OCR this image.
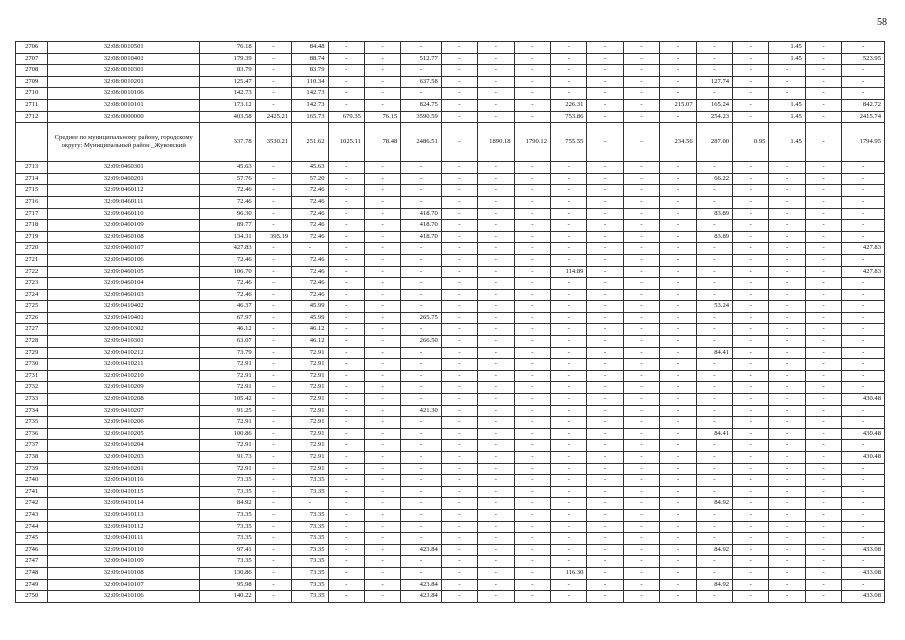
58
2706	32:08:0010501	76.18	-	84.48	-	-	-	-	-	-	-	-	-	-	-	-	1.45	-	-
2707	32:08:0010401	179.39	-	88.74	-	-	512.77	-	-	-	-	-	-	-	-	-	1.45	-	523.95
2708	32:08:0010301	83.79	-	83.79	-	-	-	-	-	-	-	-	-	-	-	-	-	-	-
2709	32:08:0010201	125.47	-	110.34	-	-	637.58	-	-	-	-	-	-	-	127.74	-	-	-	-
2710	32:08:0010106	142.73	-	142.73	-	-	-	-	-	-	-	-	-	-	-	-	-	-	-
2711	32:08:0010101	173.12	-	142.73	-	-	824.75	-	-	-	226.31	-	-	215.07	165.24	-	1.45	-	842.72
2712	32:08:0000000	403.58	2425.21	165.73	679.35	76.15	3590.59	-	-	-	753.86	-	-	-	254.23	-	1.45	-	2415.74
	Среднее по муниципальному району, городскому округу: Муниципальный район _Жуковский	337.78	3530.21	251.62	1025.11	78.48	2486.51	-	1890.18	1790.12	755.55	-	-	234.56	287.00	0.95	1.45	-	1794.95
2713	32:09:0460301	45.63	-	45.63	-	-	-	-	-	-	-	-	-	-	-	-	-	-	-
2714	32:09:0460201	57.76	-	57.20	-	-	-	-	-	-	-	-	-	-	66.22	-	-	-	-
2715	32:09:0460112	72.46	-	72.46	-	-	-	-	-	-	-	-	-	-	-	-	-	-	-
2716	32:09:0460111	72.46	-	72.46	-	-	-	-	-	-	-	-	-	-	-	-	-	-	-
2717	32:09:0460110	96.30	-	72.46	-	-	418.70	-	-	-	-	-	-	-	83.89	-	-	-	-
2718	32:09:0460109	89.77	-	72.46	-	-	418.70	-	-	-	-	-	-	-	-	-	-	-	-
2719	32:09:0460108	134.31	395.19	72.46	-	-	418.70	-	-	-	-	-	-	-	83.89	-	-	-	-
2720	32:09:0460107	427.83	-	-	-	-	-	-	-	-	-	-	-	-	-	-	-	-	427.83
2721	32:09:0460106	72.46	-	72.46	-	-	-	-	-	-	-	-	-	-	-	-	-	-	-
2722	32:09:0460105	106.70	-	72.46	-	-	-	-	-	-	114.89	-	-	-	-	-	-	-	427.83
2723	32:09:0460104	72.46	-	72.46	-	-	-	-	-	-	-	-	-	-	-	-	-	-	-
2724	32:09:0460103	72.46	-	72.46	-	-	-	-	-	-	-	-	-	-	-	-	-	-	-
2725	32:09:0410402	46.37	-	45.99	-	-	-	-	-	-	-	-	-	-	53.24	-	-	-	-
2726	32:09:0410401	67.97	-	45.99	-	-	265.75	-	-	-	-	-	-	-	-	-	-	-	-
2727	32:09:0410302	46.12	-	46.12	-	-	-	-	-	-	-	-	-	-	-	-	-	-	-
2728	32:09:0410301	63.07	-	46.12	-	-	266.50	-	-	-	-	-	-	-	-	-	-	-	-
2729	32:09:0410212	73.79	-	72.91	-	-	-	-	-	-	-	-	-	-	84.41	-	-	-	-
2730	32:09:0410211	72.91	-	72.91	-	-	-	-	-	-	-	-	-	-	-	-	-	-	-
2731	32:09:0410210	72.91	-	72.91	-	-	-	-	-	-	-	-	-	-	-	-	-	-	-
2732	32:09:0410209	72.91	-	72.91	-	-	-	-	-	-	-	-	-	-	-	-	-	-	-
2733	32:09:0410208	105.42	-	72.91	-	-	-	-	-	-	-	-	-	-	-	-	-	-	430.48
2734	32:09:0410207	91.25	-	72.91	-	-	421.30	-	-	-	-	-	-	-	-	-	-	-	-
2735	32:09:0410206	72.91	-	72.91	-	-	-	-	-	-	-	-	-	-	-	-	-	-	-
2736	32:09:0410205	100.86	-	72.91	-	-	-	-	-	-	-	-	-	-	84.41	-	-	-	430.48
2737	32:09:0410204	72.91	-	72.91	-	-	-	-	-	-	-	-	-	-	-	-	-	-	-
2738	32:09:0410203	91.73	-	72.91	-	-	-	-	-	-	-	-	-	-	-	-	-	-	430.48
2739	32:09:0410201	72.91	-	72.91	-	-	-	-	-	-	-	-	-	-	-	-	-	-	-
2740	32:09:0410116	73.35	-	73.35	-	-	-	-	-	-	-	-	-	-	-	-	-	-	-
2741	32:09:0410115	73.35	-	73.35	-	-	-	-	-	-	-	-	-	-	-	-	-	-	-
2742	32:09:0410114	84.92	-	-	-	-	-	-	-	-	-	-	-	-	84.92	-	-	-	-
2743	32:09:0410113	73.35	-	73.35	-	-	-	-	-	-	-	-	-	-	-	-	-	-	-
2744	32:09:0410112	73.35	-	73.35	-	-	-	-	-	-	-	-	-	-	-	-	-	-	-
2745	32:09:0410111	73.35	-	73.35	-	-	-	-	-	-	-	-	-	-	-	-	-	-	-
2746	32:09:0410110	97.41	-	73.35	-	-	423.84	-	-	-	-	-	-	-	84.92	-	-	-	433.08
2747	32:09:0410109	73.35	-	73.35	-	-	-	-	-	-	-	-	-	-	-	-	-	-	-
2748	32:09:0410108	130.86	-	73.35	-	-	-	-	-	-	116.30	-	-	-	-	-	-	-	433.08
2749	32:09:0410107	95.98	-	73.35	-	-	423.84	-	-	-	-	-	-	-	84.92	-	-	-	-
2750	32:09:0410106	140.22	-	73.35	-	-	423.84	-	-	-	-	-	-	-	-	-	-	-	433.08
